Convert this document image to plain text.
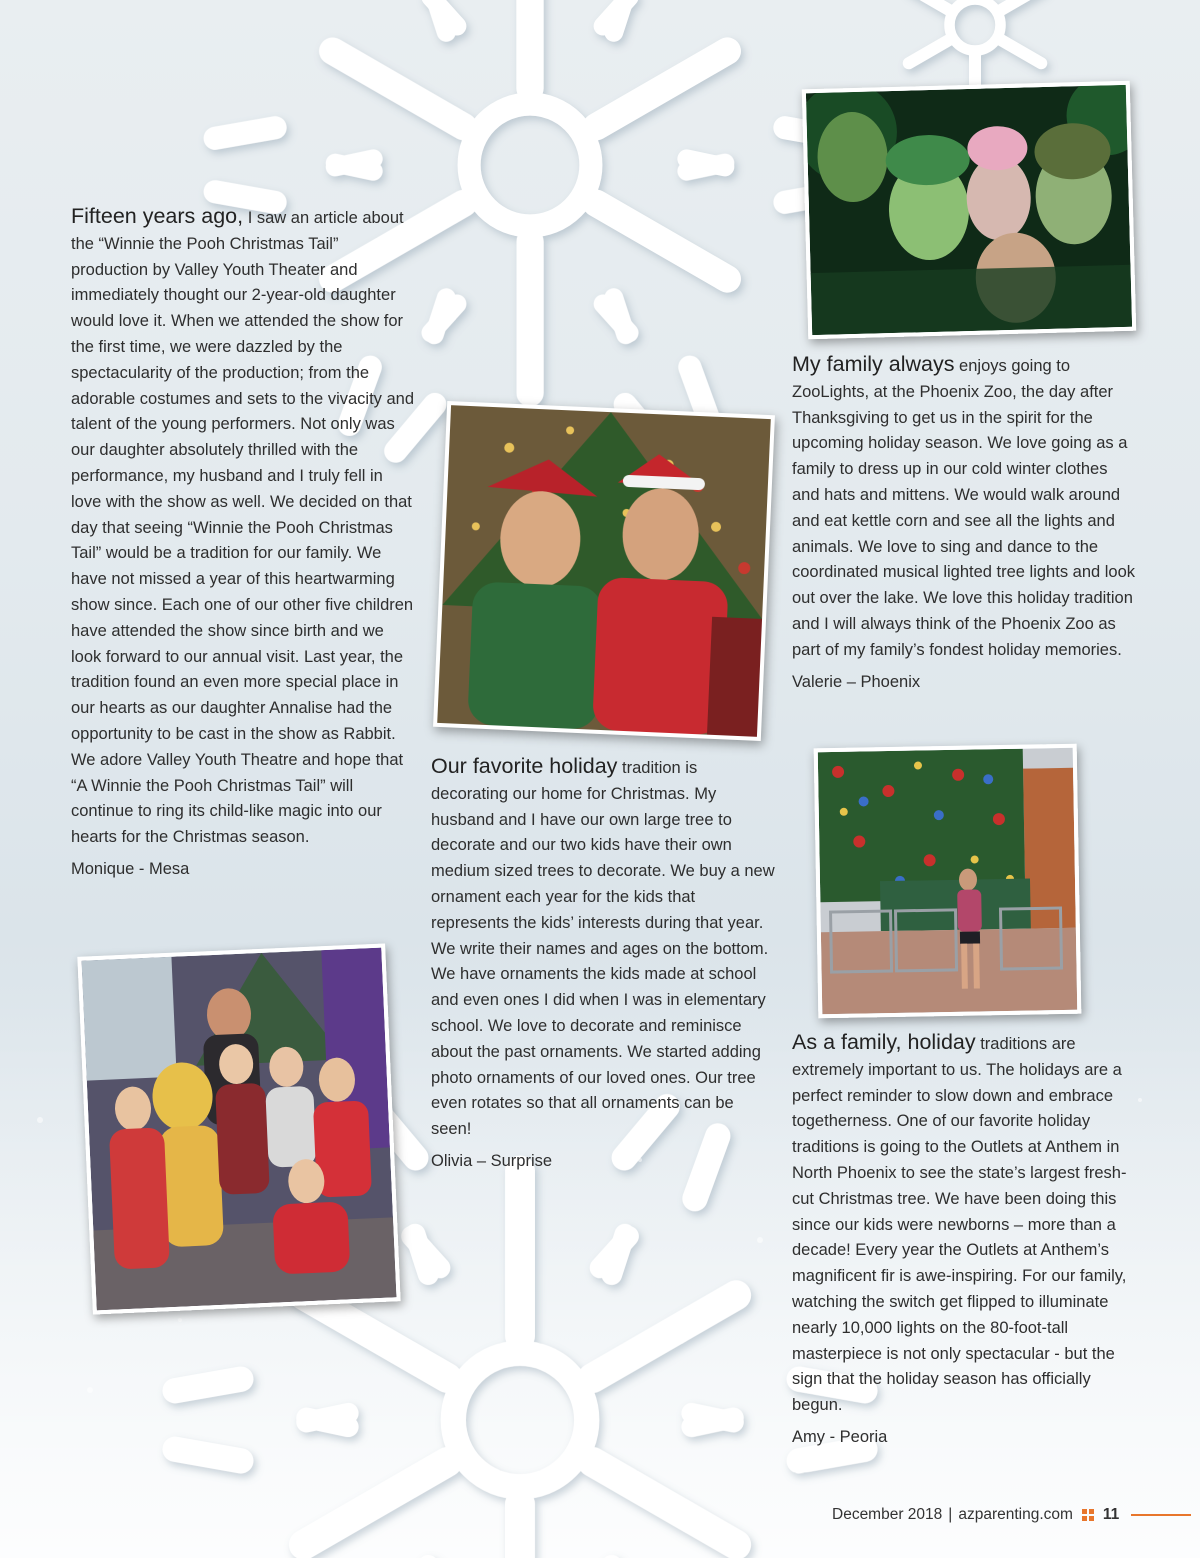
Fifteen years ago, I saw an article about the “Winnie the Pooh Christmas Tail” production by Valley Youth Theater and immediately thought our 2-year-old daughter would love it. When we attended the show for the first time, we were dazzled by the spectacularity of the production; from the adorable costumes and sets to the vivacity and talent of the young performers. Not only was our daughter absolutely thrilled with the performance, my husband and I truly fell in love with the show as well. We decided on that day that seeing “Winnie the Pooh Christmas Tail” would be a tradition for our family. We have not missed a year of this heartwarming show since. Each one of our other five children have attended the show since birth and we look forward to our annual visit. Last year, the tradition found an even more special place in our hearts as our daughter Annalise had the opportunity to be cast in the show as Rabbit. We adore Valley Youth Theatre and hope that “A Winnie the Pooh Christmas Tail” will continue to ring its child-like magic into our hearts for the Christmas season.

Monique - Mesa

Our favorite holiday tradition is decorating our home for Christmas. My husband and I have our own large tree to decorate and our two kids have their own medium sized trees to decorate. We buy a new ornament each year for the kids that represents the kids’ interests during that year. We write their names and ages on the bottom. We have ornaments the kids made at school and even ones I did when I was in elementary school. We love to decorate and reminisce about the past ornaments. We started adding photo ornaments of our loved ones. Our tree even rotates so that all ornaments can be seen!

Olivia – Surprise

My family always enjoys going to ZooLights, at the Phoenix Zoo, the day after Thanksgiving to get us in the spirit for the upcoming holiday season. We love going as a family to dress up in our cold winter clothes and hats and mittens. We would walk around and eat kettle corn and see all the lights and animals. We love to sing and dance to the coordinated musical lighted tree lights and look out over the lake. We love this holiday tradition and I will always think of the Phoenix Zoo as part of my family’s fondest holiday memories.

Valerie – Phoenix

As a family, holiday traditions are extremely important to us. The holidays are a perfect reminder to slow down and embrace togetherness. One of our favorite holiday traditions is going to the Outlets at Anthem in North Phoenix to see the state’s largest fresh-cut Christmas tree. We have been doing this since our kids were newborns – more than a decade! Every year the Outlets at Anthem’s magnificent fir is awe-inspiring. For our family, watching the switch get flipped to illuminate nearly 10,000 lights on the 80-foot-tall masterpiece is not only spectacular - but the sign that the holiday season has officially begun.

Amy - Peoria

December 2018 | azparenting.com 11
